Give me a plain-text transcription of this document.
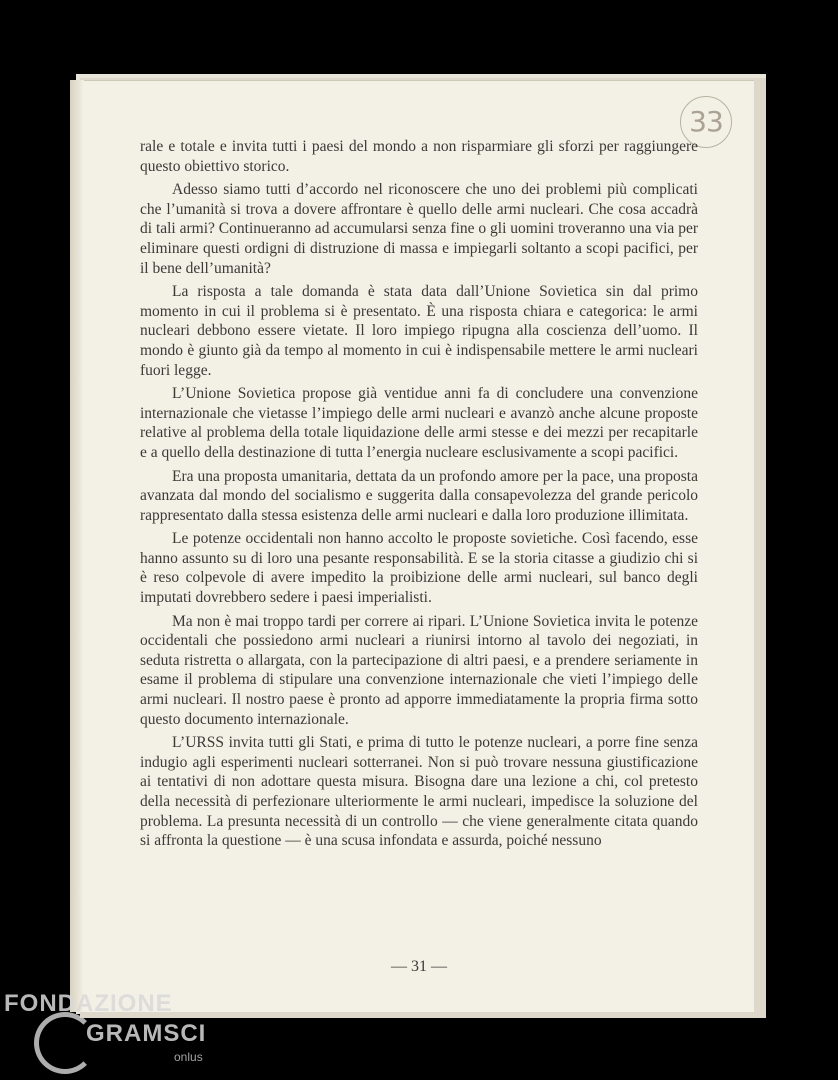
33

rale e totale e invita tutti i paesi del mondo a non risparmiare gli sforzi per raggiungere questo obiettivo storico.

Adesso siamo tutti d’accordo nel riconoscere che uno dei problemi più complicati che l’umanità si trova a dovere affrontare è quello delle armi nucleari. Che cosa accadrà di tali armi? Continueranno ad accumularsi senza fine o gli uomini troveranno una via per eliminare questi ordigni di distruzione di massa e impiegarli soltanto a scopi pacifici, per il bene dell’umanità?

La risposta a tale domanda è stata data dall’Unione Sovietica sin dal primo momento in cui il problema si è presentato. È una risposta chiara e categorica: le armi nucleari debbono essere vietate. Il loro impiego ripugna alla coscienza dell’uomo. Il mondo è giunto già da tempo al momento in cui è indispensabile mettere le armi nucleari fuori legge.

L’Unione Sovietica propose già ventidue anni fa di concludere una convenzione internazionale che vietasse l’impiego delle armi nucleari e avanzò anche alcune proposte relative al problema della totale liquidazione delle armi stesse e dei mezzi per recapitarle e a quello della destinazione di tutta l’energia nucleare esclusivamente a scopi pacifici.

Era una proposta umanitaria, dettata da un profondo amore per la pace, una proposta avanzata dal mondo del socialismo e suggerita dalla consapevolezza del grande pericolo rappresentato dalla stessa esistenza delle armi nucleari e dalla loro produzione illimitata.

Le potenze occidentali non hanno accolto le proposte sovietiche. Così facendo, esse hanno assunto su di loro una pesante responsabilità. E se la storia citasse a giudizio chi si è reso colpevole di avere impedito la proibizione delle armi nucleari, sul banco degli imputati dovrebbero sedere i paesi imperialisti.

Ma non è mai troppo tardi per correre ai ripari. L’Unione Sovietica invita le potenze occidentali che possiedono armi nucleari a riunirsi intorno al tavolo dei negoziati, in seduta ristretta o allargata, con la partecipazione di altri paesi, e a prendere seriamente in esame il problema di stipulare una convenzione internazionale che vieti l’impiego delle armi nucleari. Il nostro paese è pronto ad apporre immediatamente la propria firma sotto questo documento internazionale.

L’URSS invita tutti gli Stati, e prima di tutto le potenze nucleari, a porre fine senza indugio agli esperimenti nucleari sotterranei. Non si può trovare nessuna giustificazione ai tentativi di non adottare questa misura. Bisogna dare una lezione a chi, col pretesto della necessità di perfezionare ulteriormente le armi nucleari, impedisce la soluzione del problema. La presunta necessità di un controllo — che viene generalmente citata quando si affronta la questione — è una scusa infondata e assurda, poiché nessuno

— 31 —
FONDAZIONE
GRAMSCI
onlus
